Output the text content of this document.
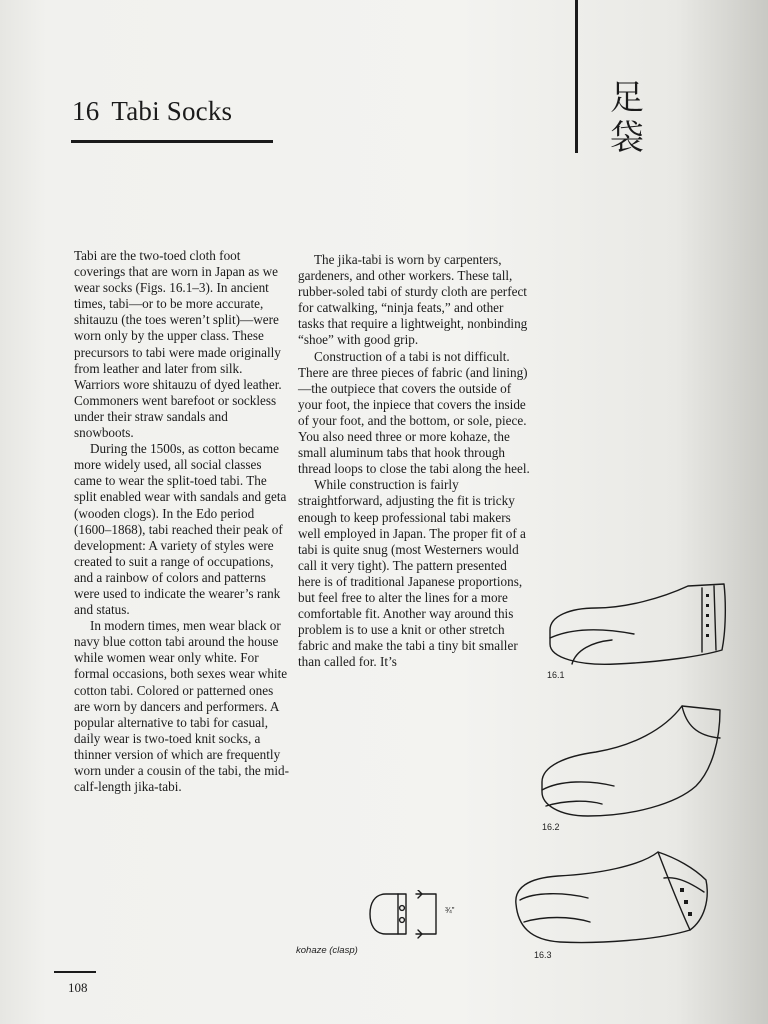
16 Tabi Socks	足
袋

Tabi are the two-toed cloth foot coverings that are worn in Japan as we wear socks (Figs. 16.1–3). In ancient times, tabi—or to be more accurate, shitauzu (the toes weren’t split)—were worn only by the upper class. These precursors to tabi were made originally from leather and later from silk. Warriors wore shitauzu of dyed leather. Commoners went barefoot or sockless under their straw sandals and snowboots.

During the 1500s, as cotton became more widely used, all social classes came to wear the split-toed tabi. The split enabled wear with sandals and geta (wooden clogs). In the Edo period (1600–1868), tabi reached their peak of development: A variety of styles were created to suit a range of occupations, and a rainbow of colors and patterns were used to indicate the wearer’s rank and status.

In modern times, men wear black or navy blue cotton tabi around the house while women wear only white. For formal occasions, both sexes wear white cotton tabi. Colored or patterned ones are worn by dancers and performers. A popular alternative to tabi for casual, daily wear is two-toed knit socks, a thinner version of which are frequently worn under a cousin of the tabi, the mid-calf-length jika-tabi.

The jika-tabi is worn by carpenters, gardeners, and other workers. These tall, rubber-soled tabi of sturdy cloth are perfect for catwalking, “ninja feats,” and other tasks that require a lightweight, nonbinding “shoe” with good grip.

Construction of a tabi is not difficult. There are three pieces of fabric (and lining)—the outpiece that covers the outside of your foot, the inpiece that covers the inside of your foot, and the bottom, or sole, piece. You also need three or more kohaze, the small aluminum tabs that hook through thread loops to close the tabi along the heel.

While construction is fairly straightforward, adjusting the fit is tricky enough to keep professional tabi makers well employed in Japan. The proper fit of a tabi is quite snug (most Westerners would call it very tight). The pattern presented here is of traditional Japanese proportions, but feel free to alter the lines for a more comfortable fit. Another way around this problem is to use a knit or other stretch fabric and make the tabi a tiny bit smaller than called for. It’s

16.1
16.2
16.3
¾"
kohaze (clasp)
108
